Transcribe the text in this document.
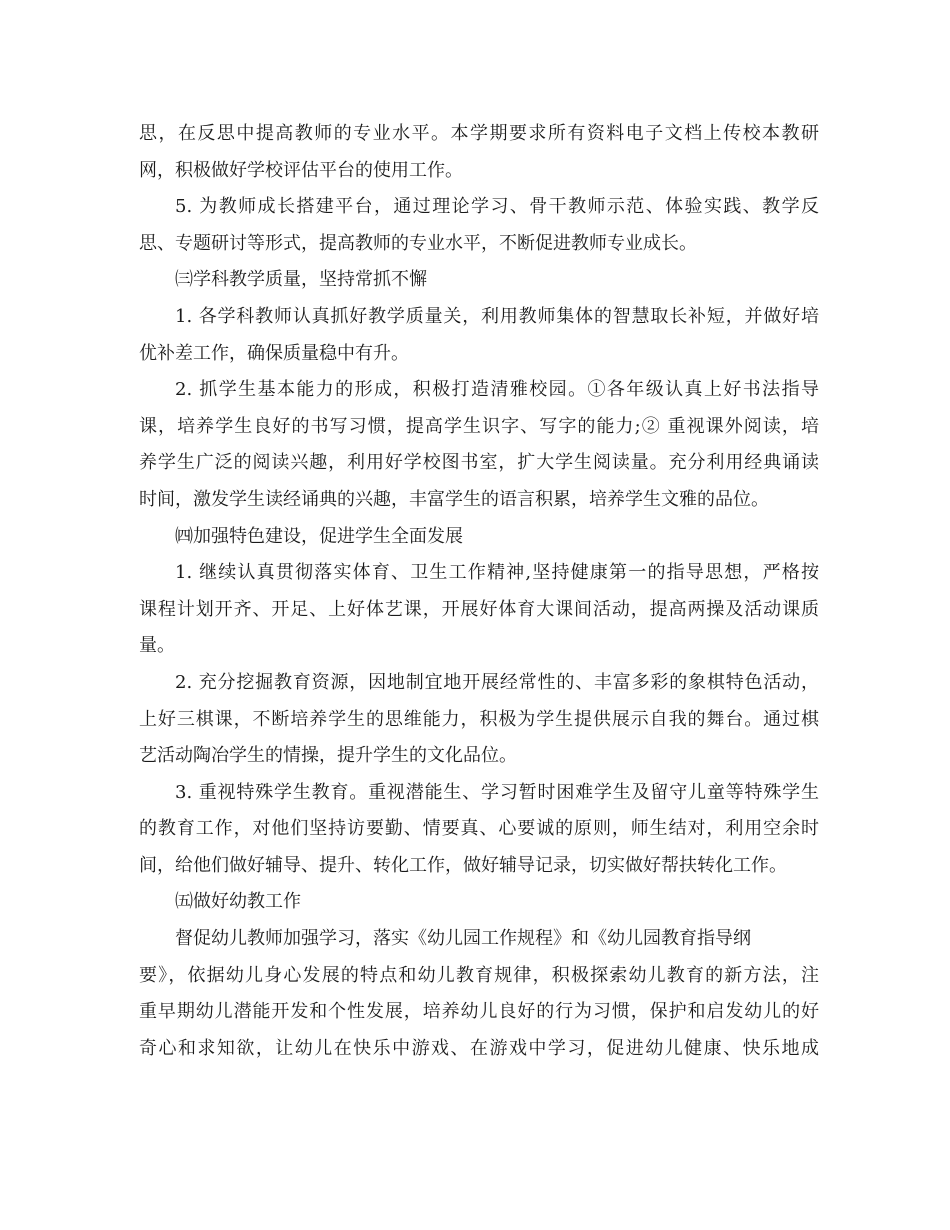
思，在反思中提高教师的专业水平。本学期要求所有资料电子文档上传校本教研
网，积极做好学校评估平台的使用工作。
5. 为教师成长搭建平台，通过理论学习、骨干教师示范、体验实践、教学反
思、专题研讨等形式，提高教师的专业水平，不断促进教师专业成长。
㈢学科教学质量，坚持常抓不懈
1. 各学科教师认真抓好教学质量关，利用教师集体的智慧取长补短，并做好培
优补差工作，确保质量稳中有升。
2. 抓学生基本能力的形成，积极打造清雅校园。①各年级认真上好书法指导
课，培养学生良好的书写习惯，提高学生识字、写字的能力;② 重视课外阅读，培
养学生广泛的阅读兴趣，利用好学校图书室，扩大学生阅读量。充分利用经典诵读
时间，激发学生读经诵典的兴趣，丰富学生的语言积累，培养学生文雅的品位。
㈣加强特色建设，促进学生全面发展
1. 继续认真贯彻落实体育、卫生工作精神,坚持健康第一的指导思想，严格按
课程计划开齐、开足、上好体艺课，开展好体育大课间活动，提高两操及活动课质
量。
2. 充分挖掘教育资源，因地制宜地开展经常性的、丰富多彩的象棋特色活动，
上好三棋课，不断培养学生的思维能力，积极为学生提供展示自我的舞台。通过棋
艺活动陶冶学生的情操，提升学生的文化品位。
3. 重视特殊学生教育。重视潜能生、学习暂时困难学生及留守儿童等特殊学生
的教育工作，对他们坚持访要勤、情要真、心要诚的原则，师生结对，利用空余时
间，给他们做好辅导、提升、转化工作，做好辅导记录，切实做好帮扶转化工作。
㈤做好幼教工作
督促幼儿教师加强学习，落实《幼儿园工作规程》和《幼儿园教育指导纲
要》，依据幼儿身心发展的特点和幼儿教育规律，积极探索幼儿教育的新方法，注
重早期幼儿潜能开发和个性发展，培养幼儿良好的行为习惯，保护和启发幼儿的好
奇心和求知欲，让幼儿在快乐中游戏、在游戏中学习，促进幼儿健康、快乐地成
